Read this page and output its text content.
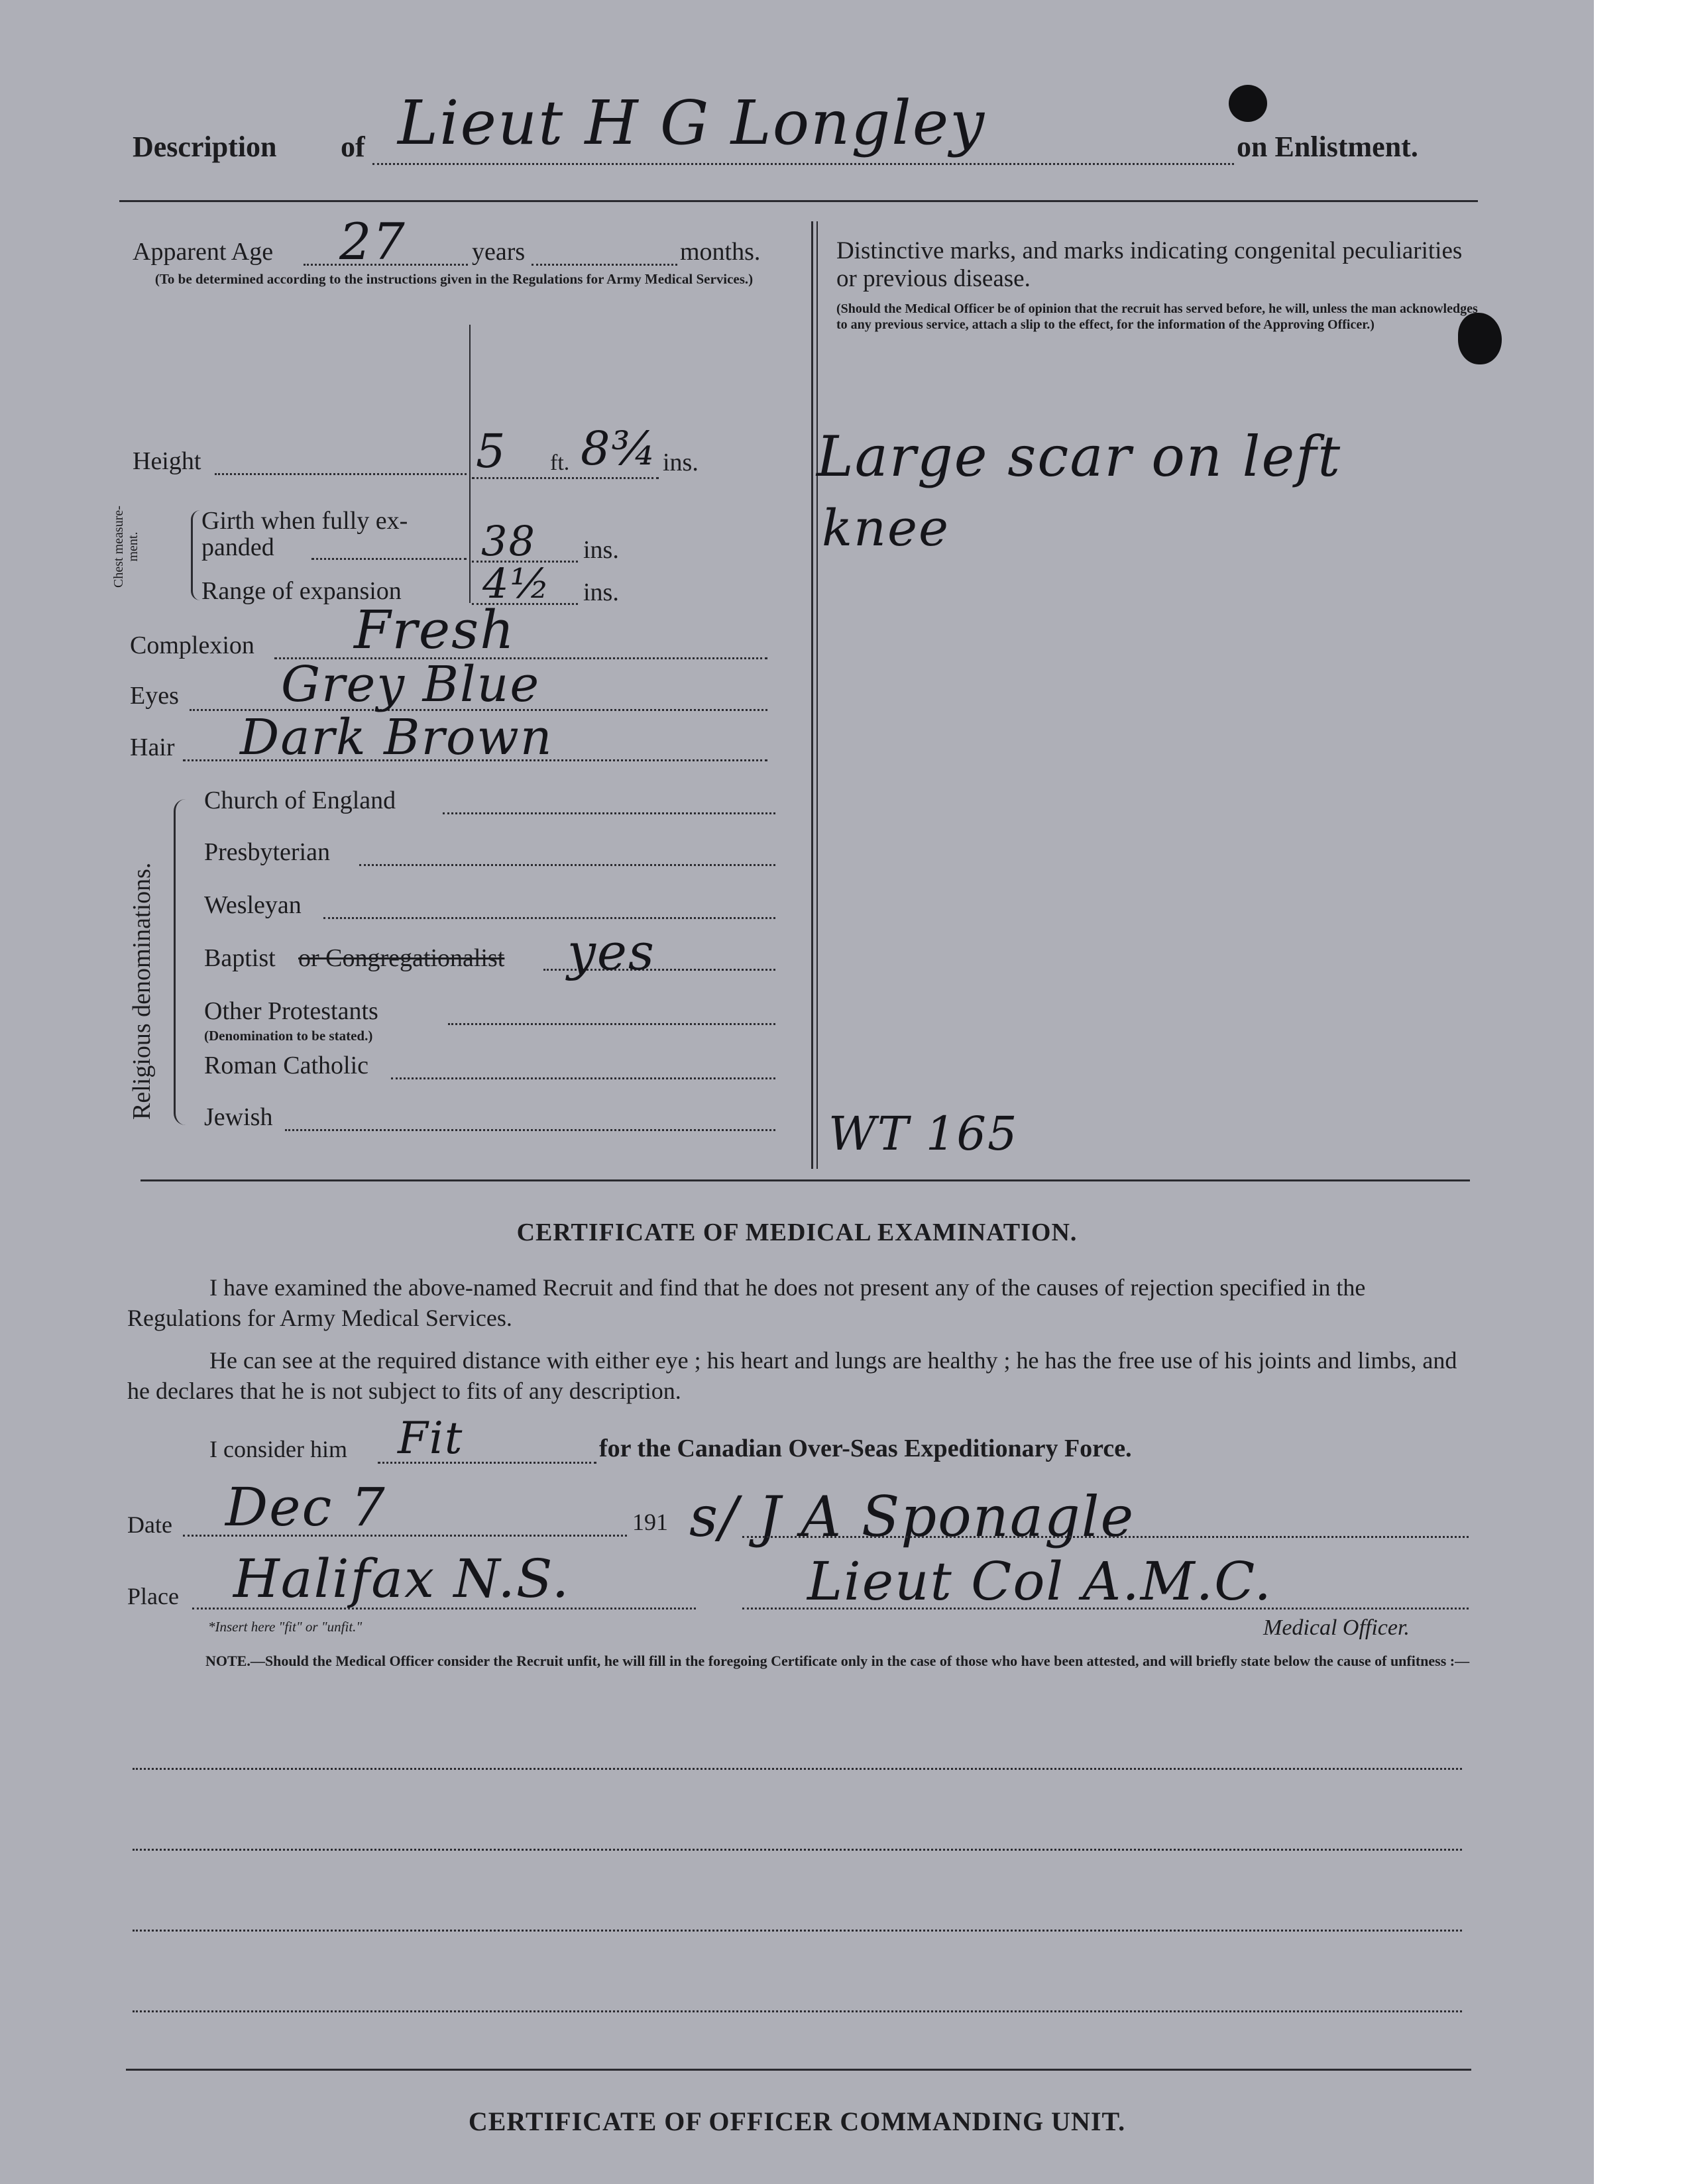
Description of Lieut H G Longley	on Enlistment.
Apparent Age 27	years	months.
(To be determined according to the instructions given in the Regulations for Army Medical Services.)
Height	5 ft. 8¾ ins.
Chest measure-ment.
Girth when fully ex-panded	38 ins.
Range of expansion 4½ ins.
Complexion Fresh
Eyes Grey Blue
Hair Dark Brown
Religious denominations.
Church of England
Presbyterian
Wesleyan
Baptist or Congregationalist yes
Other Protestants
(Denomination to be stated.)
Roman Catholic
Jewish
Distinctive marks, and marks indicating congenital peculiarities or previous disease.
(Should the Medical Officer be of opinion that the recruit has served before, he will, unless the man acknowledges to any previous service, attach a slip to the effect, for the information of the Approving Officer.)
Large scar on left
knee
WT 165
CERTIFICATE OF MEDICAL EXAMINATION.
I have examined the above-named Recruit and find that he does not present any of the causes of rejection specified in the Regulations for Army Medical Services.
He can see at the required distance with either eye ; his heart and lungs are healthy ; he has the free use of his joints and limbs, and he declares that he is not subject to fits of any description.
I consider him Fit	for the Canadian Over-Seas Expeditionary Force.
Date Dec 7	191 s/ J A Sponagle
Place Halifax N.S.	Lieut Col A.M.C.
*Insert here "fit" or "unfit."	Medical Officer.
NOTE.—Should the Medical Officer consider the Recruit unfit, he will fill in the foregoing Certificate only in the case of those who have been attested, and will briefly state below the cause of unfitness :—
CERTIFICATE OF OFFICER COMMANDING UNIT.
